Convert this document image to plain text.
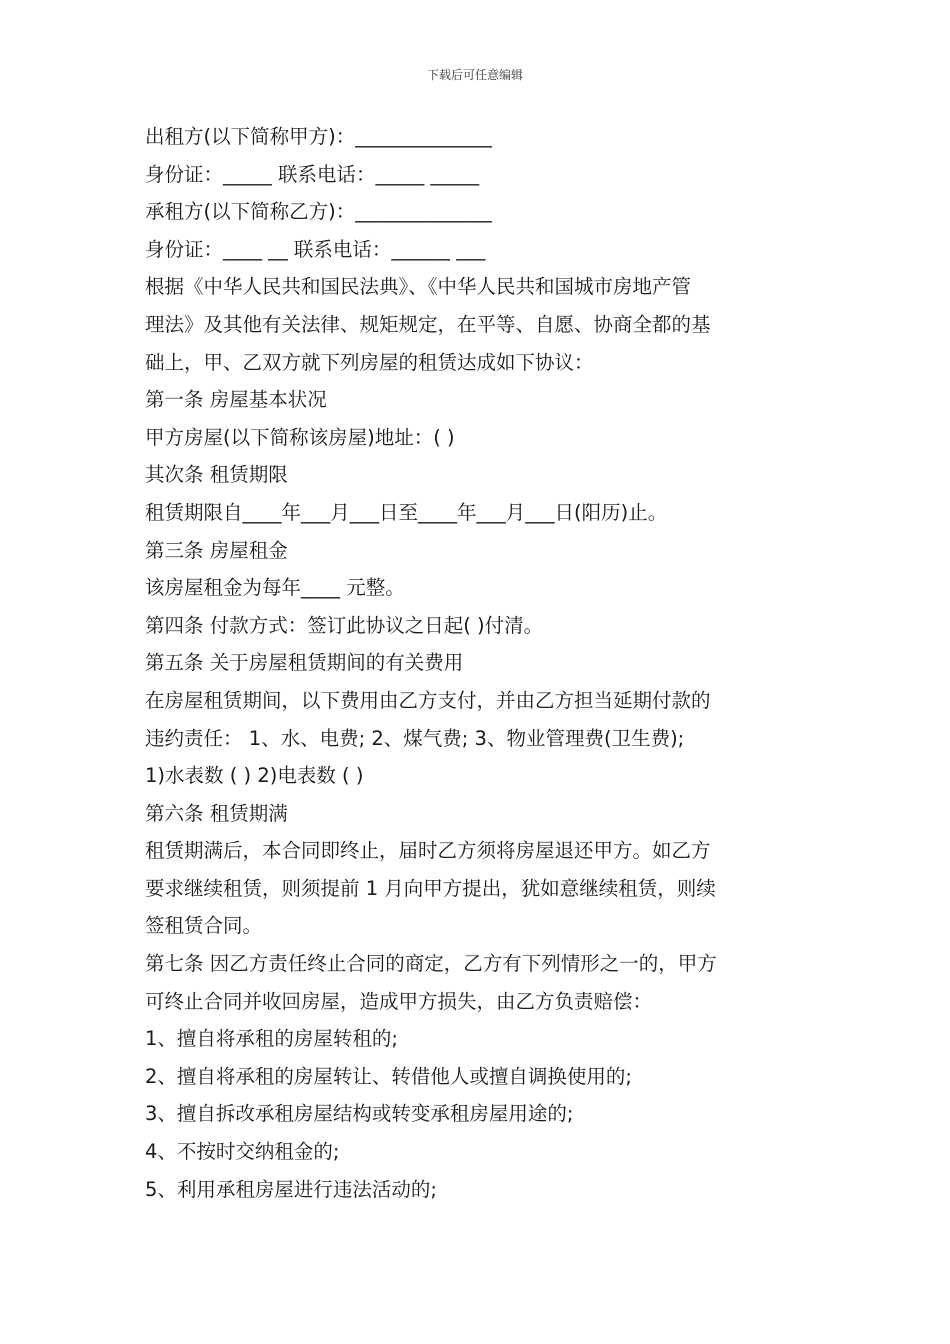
下载后可任意编辑
出租方(以下简称甲方)：______________
身份证：_____ 联系电话：_____ _____
承租方(以下简称乙方)：______________
身份证：____ __ 联系电话：______ ___
根据《中华人民共和国民法典》、《中华人民共和国城市房地产管
理法》及其他有关法律、规矩规定，在平等、自愿、协商全都的基
础上，甲、乙双方就下列房屋的租赁达成如下协议：
第一条 房屋基本状况
甲方房屋(以下简称该房屋)地址：( )
其次条 租赁期限
租赁期限自____年___月___日至____年___月___日(阳历)止。
第三条 房屋租金
该房屋租金为每年____ 元整。
第四条 付款方式：签订此协议之日起( )付清。
第五条 关于房屋租赁期间的有关费用
在房屋租赁期间，以下费用由乙方支付，并由乙方担当延期付款的
违约责任： 1、水、电费; 2、煤气费; 3、物业管理费(卫生费);
1)水表数 ( ) 2)电表数 ( )
第六条 租赁期满
租赁期满后，本合同即终止，届时乙方须将房屋退还甲方。如乙方
要求继续租赁，则须提前 1 月向甲方提出，犹如意继续租赁，则续
签租赁合同。
第七条 因乙方责任终止合同的商定，乙方有下列情形之一的，甲方
可终止合同并收回房屋，造成甲方损失，由乙方负责赔偿：
1、擅自将承租的房屋转租的;
2、擅自将承租的房屋转让、转借他人或擅自调换使用的;
3、擅自拆改承租房屋结构或转变承租房屋用途的;
4、不按时交纳租金的;
5、利用承租房屋进行违法活动的;
